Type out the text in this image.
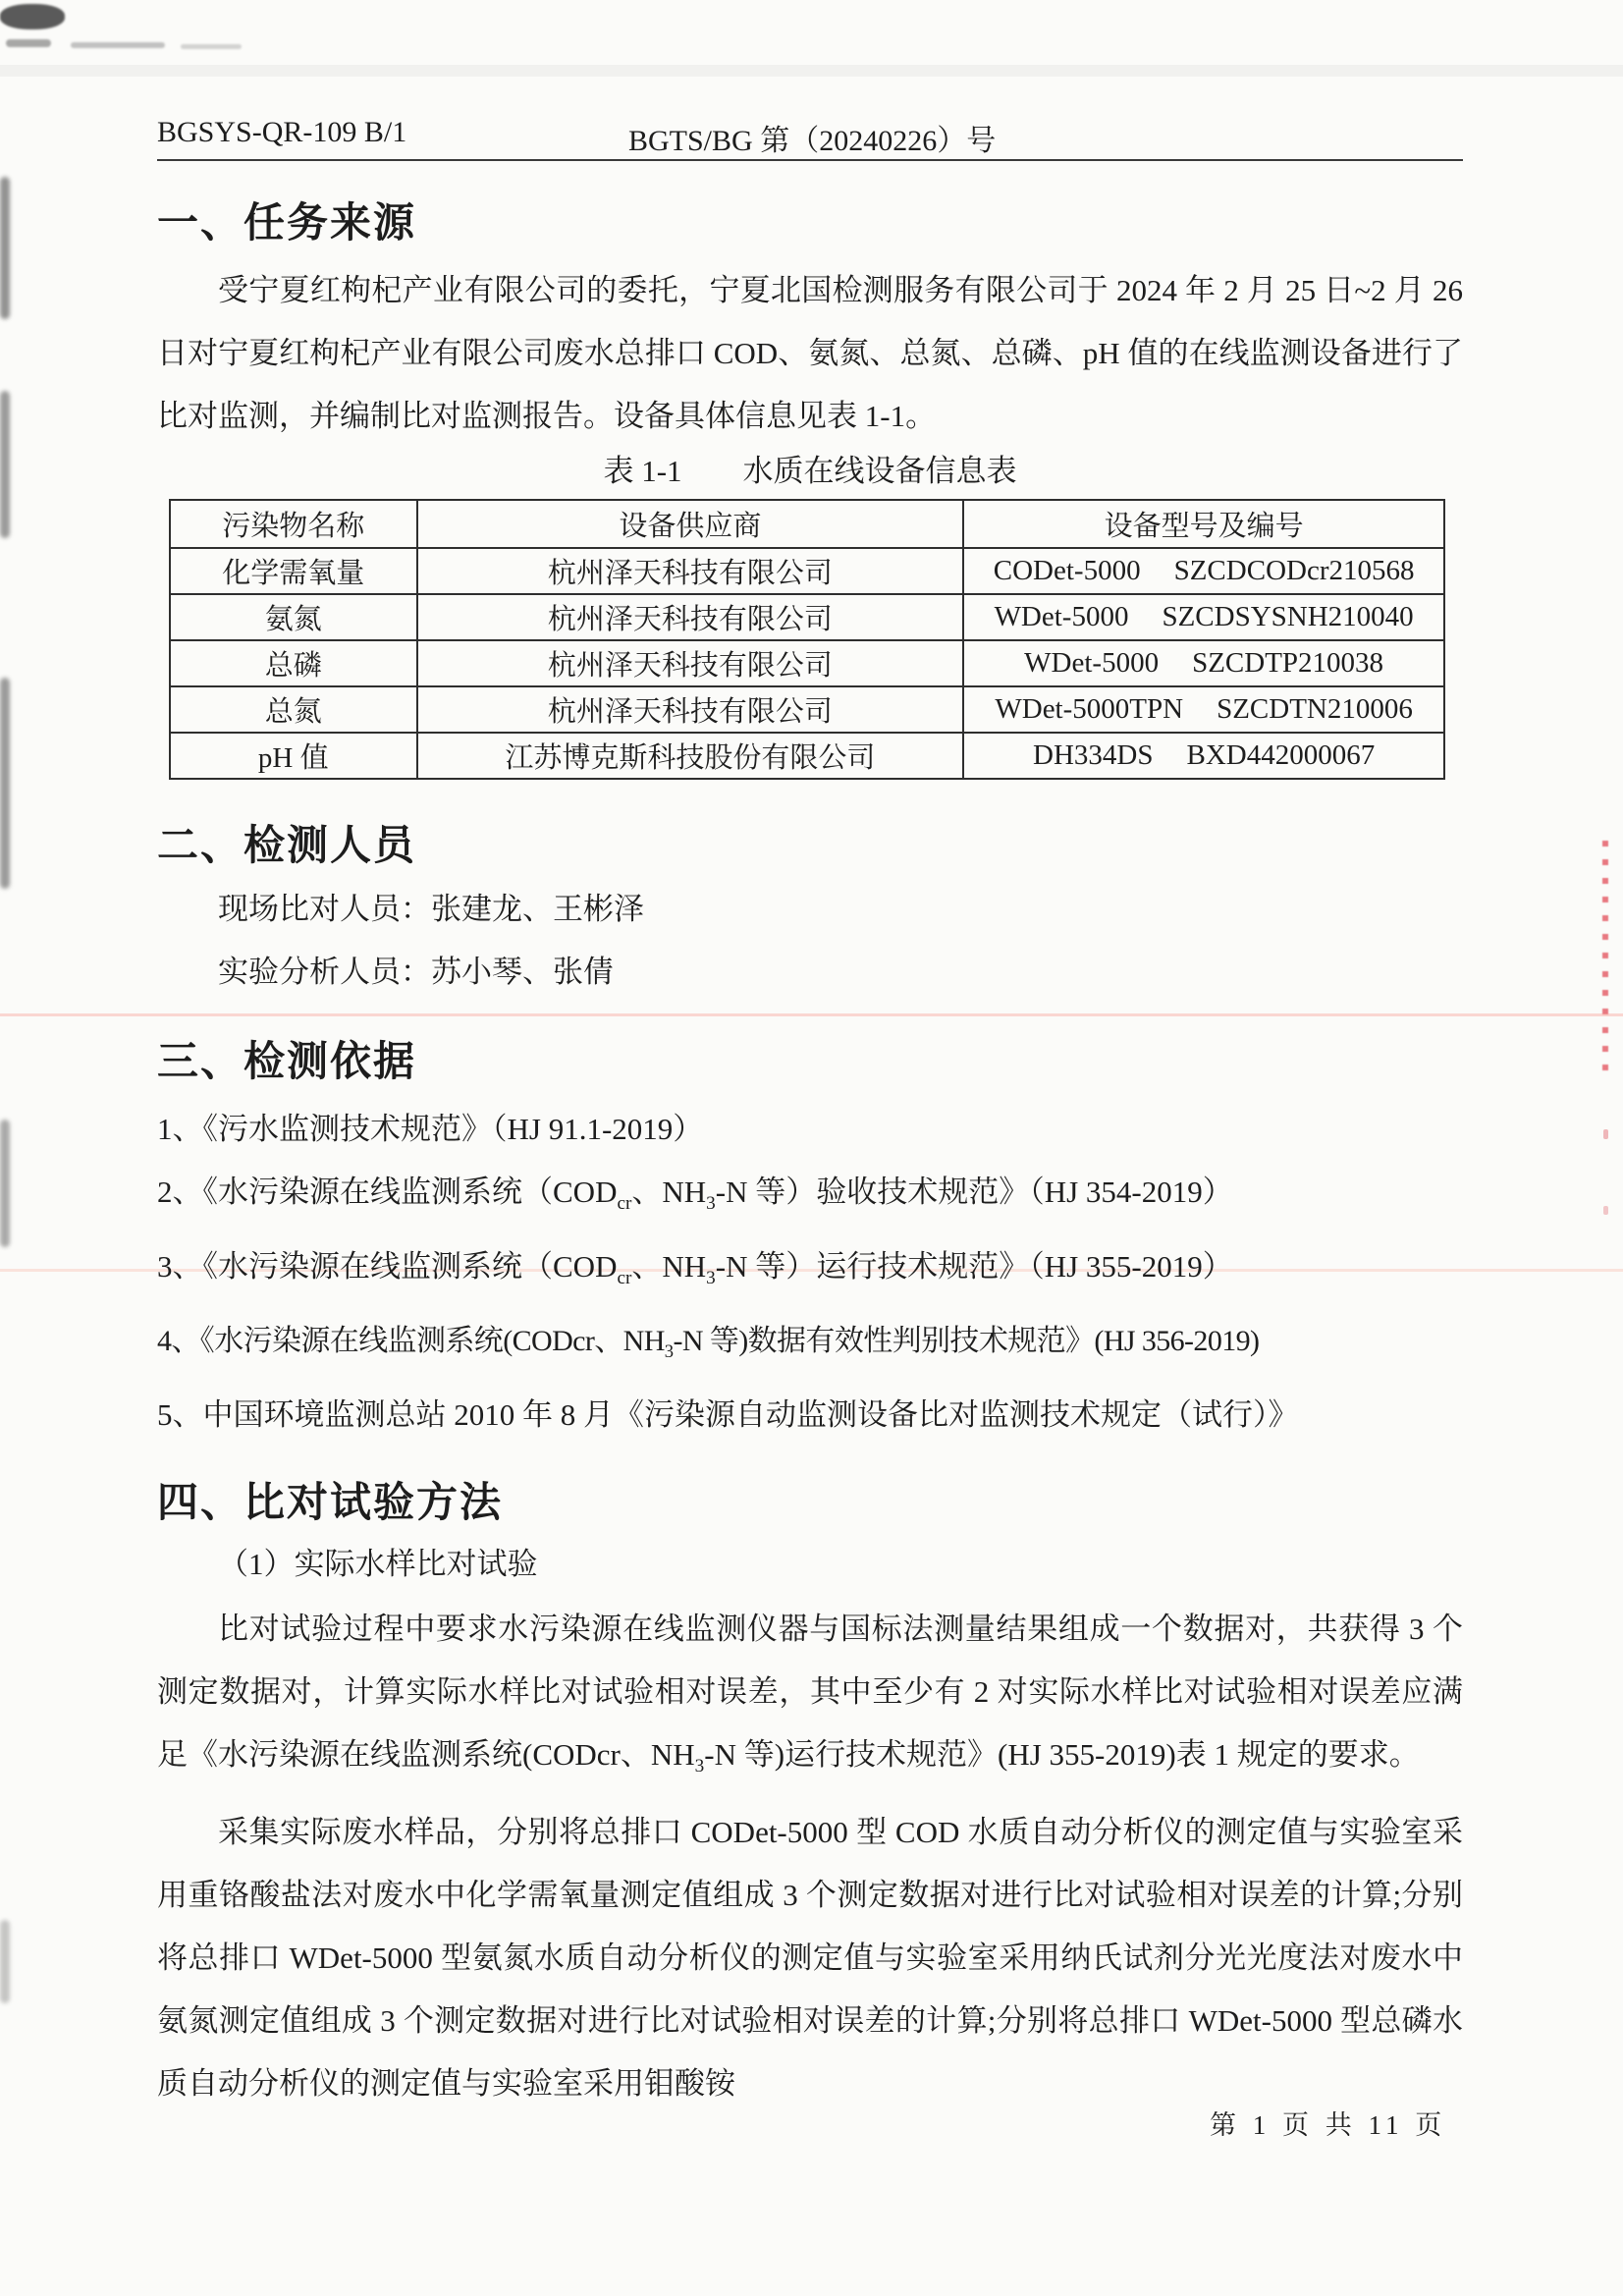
BGSYS-QR-109 B/1	BGTS/BG 第（20240226）号
一、任务来源

受宁夏红枸杞产业有限公司的委托，宁夏北国检测服务有限公司于 2024 年 2 月 25 日~2 月 26 日对宁夏红枸杞产业有限公司废水总排口 COD、氨氮、总氮、总磷、pH 值的在线监测设备进行了比对监测，并编制比对监测报告。设备具体信息见表 1-1。

表 1-1　　水质在线设备信息表
污染物名称	设备供应商	设备型号及编号
化学需氧量	杭州泽天科技有限公司	CODet-5000 SZCDCODcr210568

氨氮	杭州泽天科技有限公司	WDet-5000 SZCDSYSNH210040

总磷	杭州泽天科技有限公司	WDet-5000 SZCDTP210038

总氮	杭州泽天科技有限公司	WDet-5000TPN SZCDTN210006

pH 值	江苏博克斯科技股份有限公司	DH334DS BXD442000067
二、检测人员
现场比对人员：张建龙、王彬泽
实验分析人员：苏小琴、张倩
三、检测依据
1、《污水监测技术规范》（HJ 91.1-2019）
2、《水污染源在线监测系统（$COD_{cr}$、$NH_3-N$ 等）验收技术规范》（HJ 354-2019）
3、《水污染源在线监测系统（$COD_{cr}$、$NH_3-N$ 等）运行技术规范》（HJ 355-2019）
4、《水污染源在线监测系统(CODcr、$NH_3-N$ 等)数据有效性判别技术规范》(HJ 356-2019)
5、中国环境监测总站 2010 年 8 月《污染源自动监测设备比对监测技术规定（试行）》
四、比对试验方法
（1）实际水样比对试验

比对试验过程中要求水污染源在线监测仪器与国标法测量结果组成一个数据对，共获得 3 个测定数据对，计算实际水样比对试验相对误差，其中至少有 2 对实际水样比对试验相对误差应满足《水污染源在线监测系统(CODcr、$NH_3-N$ 等)运行技术规范》(HJ 355-2019)表 1 规定的要求。

采集实际废水样品，分别将总排口 CODet-5000 型 COD 水质自动分析仪的测定值与实验室采用重铬酸盐法对废水中化学需氧量测定值组成 3 个测定数据对进行比对试验相对误差的计算;分别将总排口 WDet-5000 型氨氮水质自动分析仪的测定值与实验室采用纳氏试剂分光光度法对废水中氨氮测定值组成 3 个测定数据对进行比对试验相对误差的计算;分别将总排口 WDet-5000 型总磷水质自动分析仪的测定值与实验室采用钼酸铵

第 1 页 共 11 页
